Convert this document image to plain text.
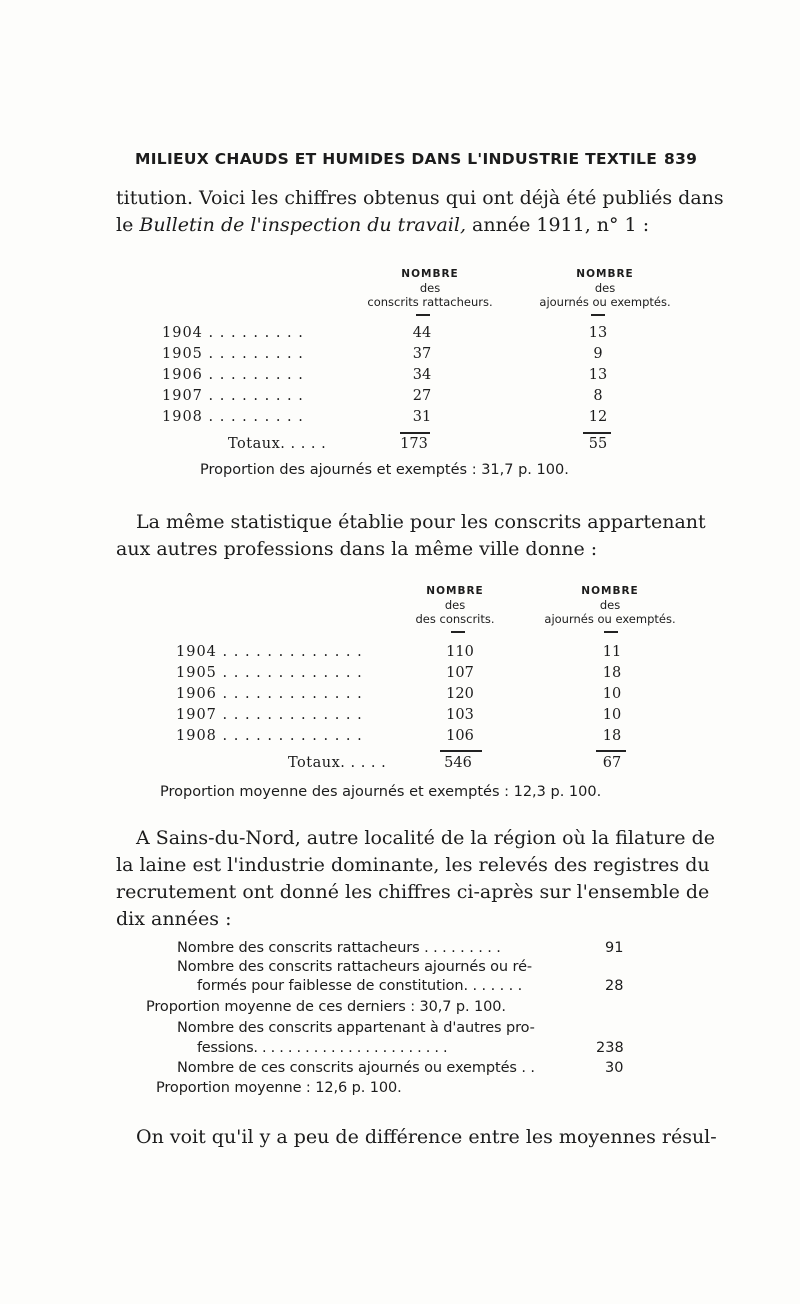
MILIEUX CHAUDS ET HUMIDES DANS L'INDUSTRIE TEXTILE 839
titution. Voici les chiffres obtenus qui ont déjà été publiés dans
le Bulletin de l'inspection du travail, année 1911, n° 1 :
NOMBRE
des
conscrits rattacheurs.
NOMBRE
des
ajournés ou exemptés.
1904 . . . . . . . . .	44	13
1905 . . . . . . . . .	37	9
1906 . . . . . . . . .	34	13
1907 . . . . . . . . .	27	8
1908 . . . . . . . . .	31	12
Totaux. . . . .	173	55
Proportion des ajournés et exemptés : 31,7 p. 100.
La même statistique établie pour les conscrits appartenant
aux autres professions dans la même ville donne :
NOMBRE
des
des conscrits.
NOMBRE
des
ajournés ou exemptés.
1904 . . . . . . . . . . . . .	110	11
1905 . . . . . . . . . . . . .	107	18
1906 . . . . . . . . . . . . .	120	10
1907 . . . . . . . . . . . . .	103	10
1908 . . . . . . . . . . . . .	106	18
Totaux. . . . .	546	67
Proportion moyenne des ajournés et exemptés : 12,3 p. 100.
A Sains-du-Nord, autre localité de la région où la filature de
la laine est l'industrie dominante, les relevés des registres du
recrutement ont donné les chiffres ci-après sur l'ensemble de
dix années :
Nombre des conscrits rattacheurs . . . . . . . . .	91
Nombre des conscrits rattacheurs ajournés ou ré-
formés pour faiblesse de constitution. . . . . . .	28
Proportion moyenne de ces derniers : 30,7 p. 100.
Nombre des conscrits appartenant à d'autres pro-
fessions. . . . . . . . . . . . . . . . . . . . . . .	238
Nombre de ces conscrits ajournés ou exemptés . .	30
Proportion moyenne : 12,6 p. 100.
On voit qu'il y a peu de différence entre les moyennes résul-
